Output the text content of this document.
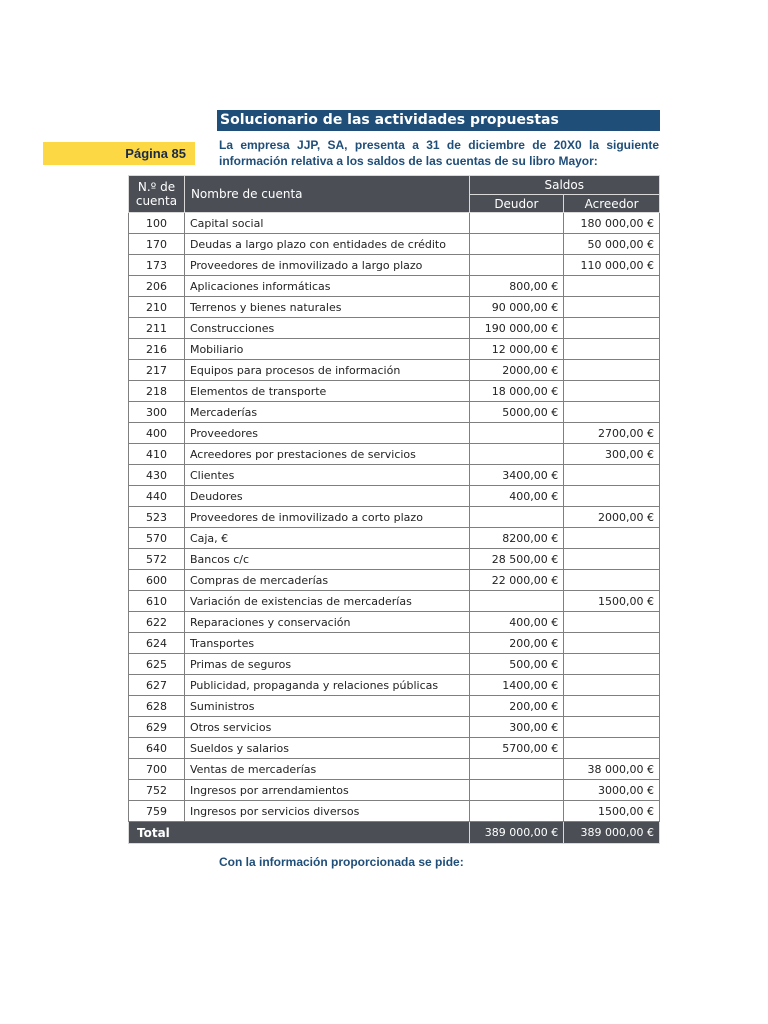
Solucionario de las actividades propuestas
Página 85

La empresa JJP, SA, presenta a 31 de diciembre de 20X0 la siguiente información relativa a los saldos de las cuentas de su libro Mayor:

N.º de cuenta	Nombre de cuenta	Saldos	
		Deudor	Acreedor
100	Capital social		180 000,00 €
170	Deudas a largo plazo con entidades de crédito		50 000,00 €
173	Proveedores de inmovilizado a largo plazo		110 000,00 €
206	Aplicaciones informáticas	800,00 €	
210	Terrenos y bienes naturales	90 000,00 €	
211	Construcciones	190 000,00 €	
216	Mobiliario	12 000,00 €	
217	Equipos para procesos de información	2000,00 €	
218	Elementos de transporte	18 000,00 €	
300	Mercaderías	5000,00 €	
400	Proveedores		2700,00 €
410	Acreedores por prestaciones de servicios		300,00 €
430	Clientes	3400,00 €	
440	Deudores	400,00 €	
523	Proveedores de inmovilizado a corto plazo		2000,00 €
570	Caja, €	8200,00 €	
572	Bancos c/c	28 500,00 €	
600	Compras de mercaderías	22 000,00 €	
610	Variación de existencias de mercaderías		1500,00 €
622	Reparaciones y conservación	400,00 €	
624	Transportes	200,00 €	
625	Primas de seguros	500,00 €	
627	Publicidad, propaganda y relaciones públicas	1400,00 €	
628	Suministros	200,00 €	
629	Otros servicios	300,00 €	
640	Sueldos y salarios	5700,00 €	
700	Ventas de mercaderías		38 000,00 €
752	Ingresos por arrendamientos		3000,00 €
759	Ingresos por servicios diversos		1500,00 €
Total		389 000,00 €	389 000,00 €

Con la información proporcionada se pide:
